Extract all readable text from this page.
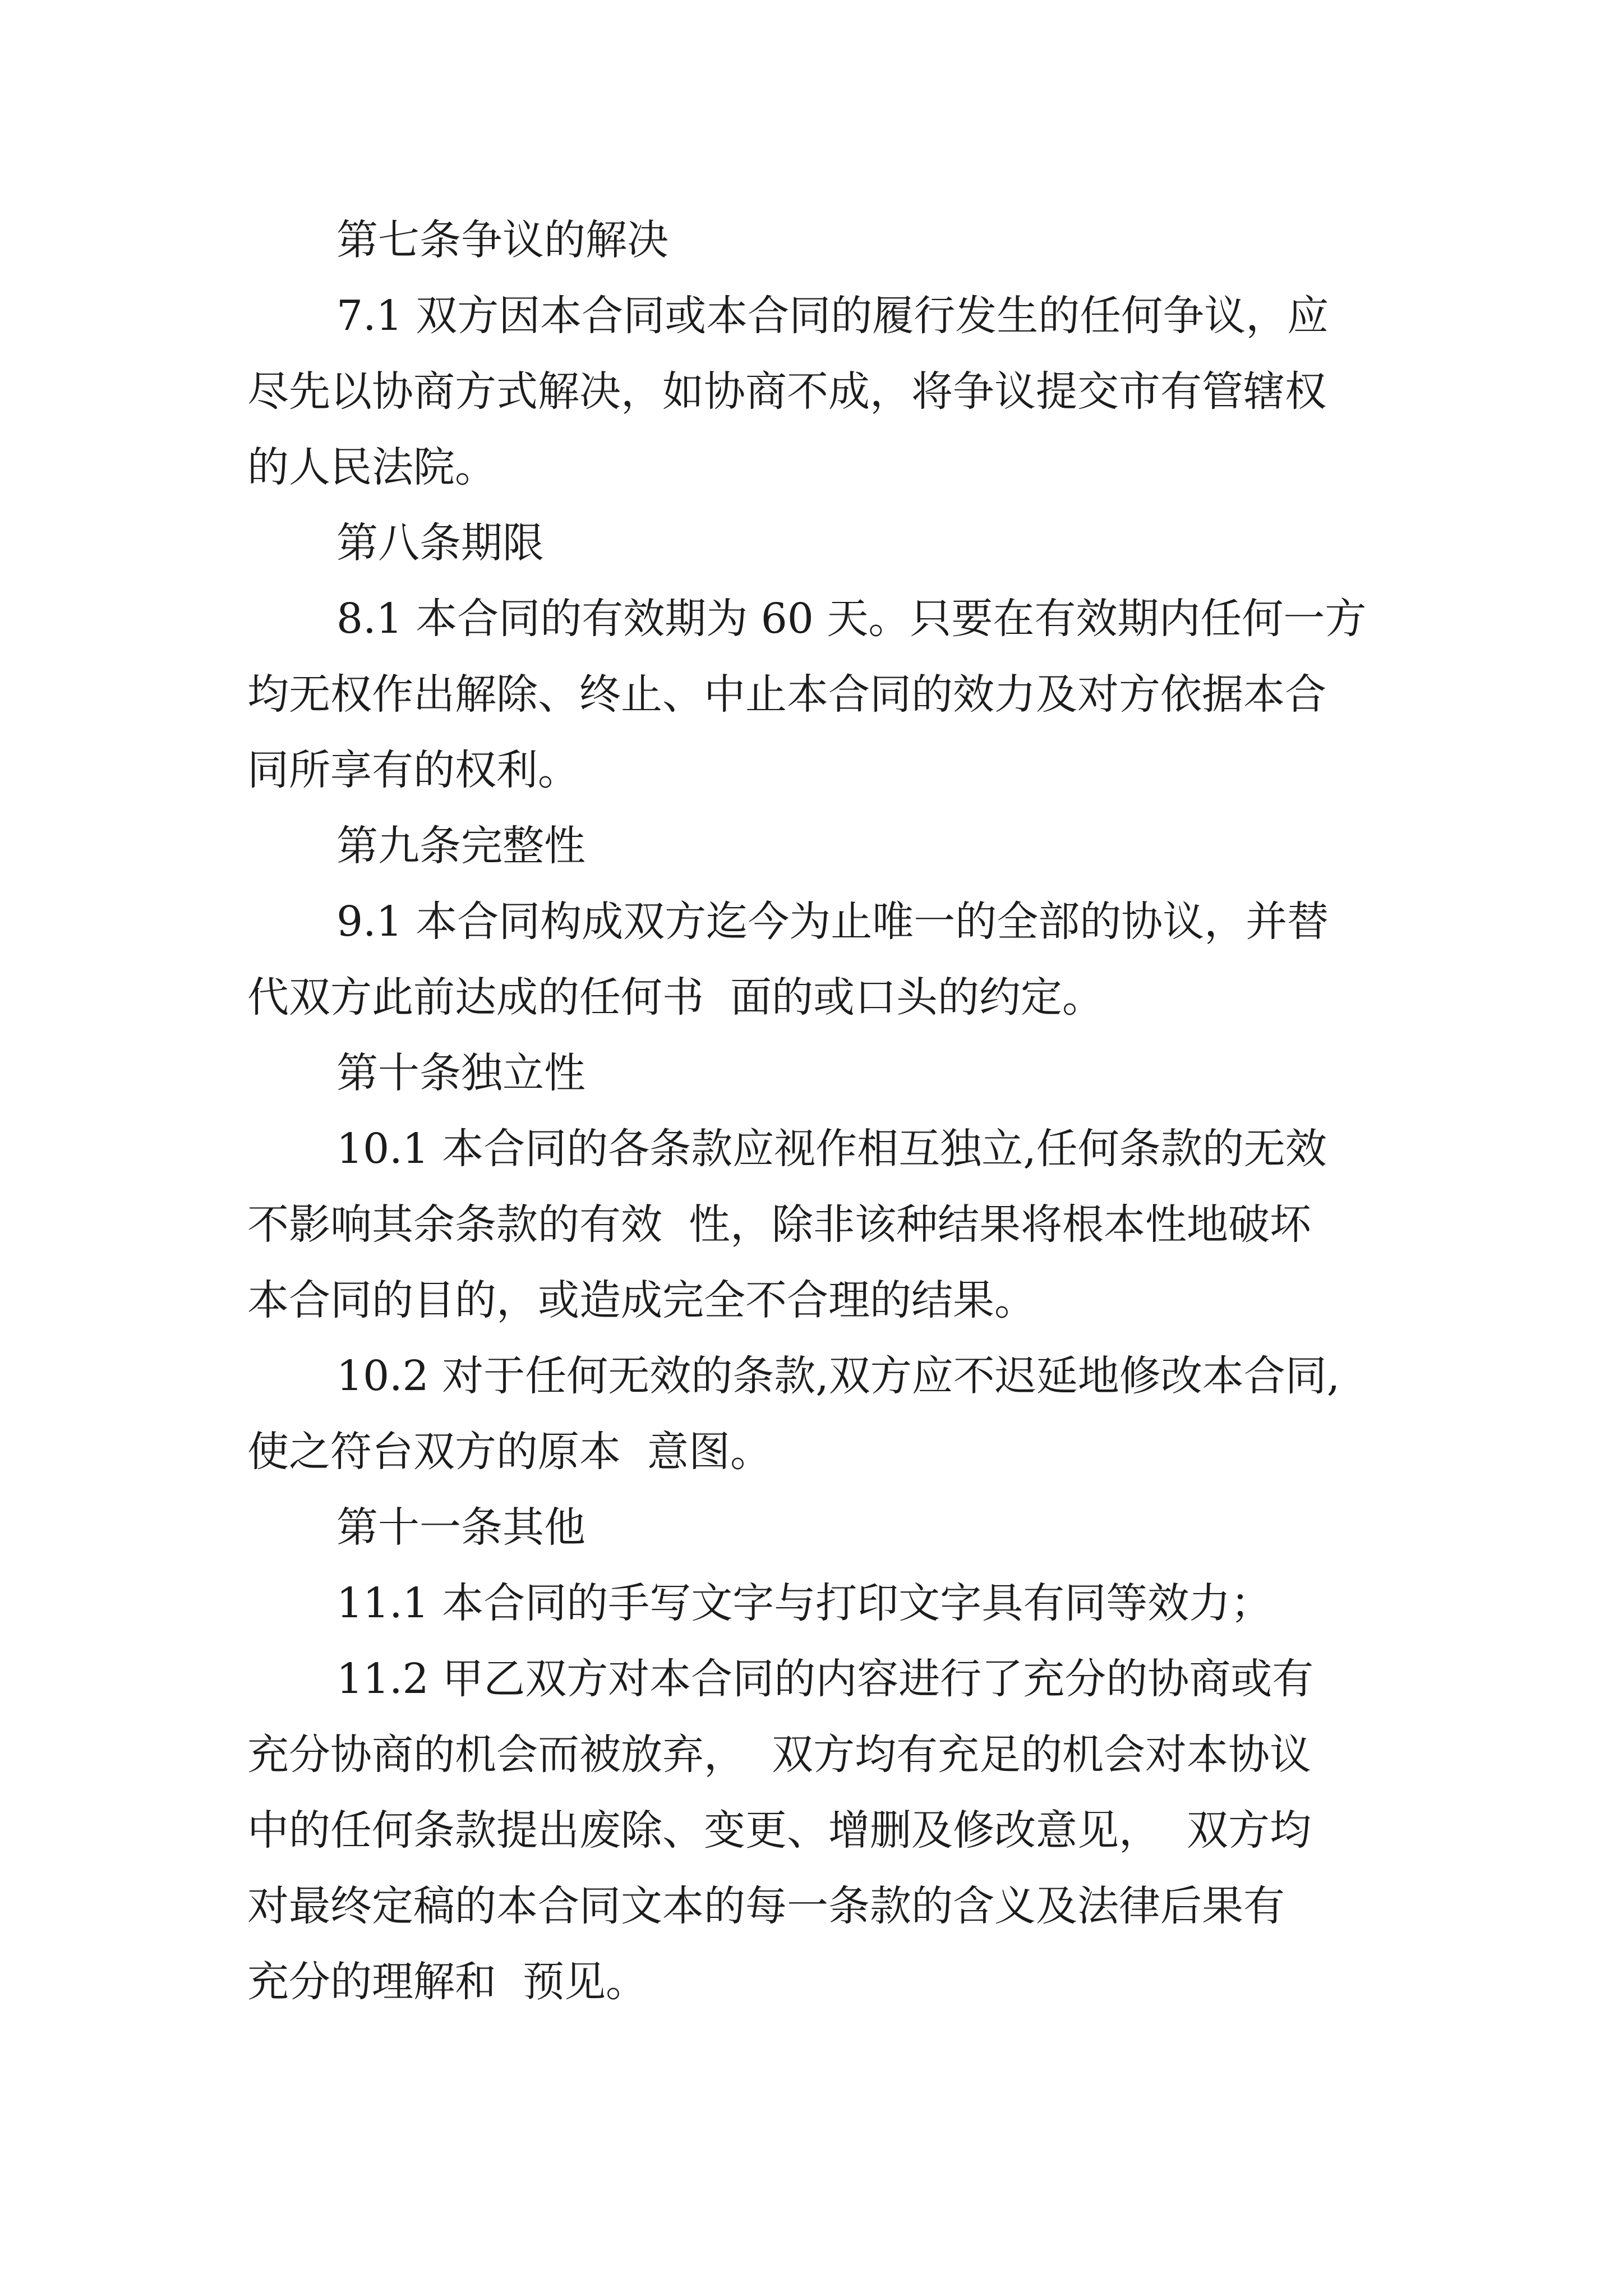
第七条争议的解决

7.1 双方因本合同或本合同的履行发生的任何争议，应

尽先以协商方式解决，如协商不成，将争议提交市有管辖权

的人民法院。

第八条期限

8.1 本合同的有效期为 60 天。只要在有效期内任何一方

均无权作出解除、终止、中止本合同的效力及对方依据本合

同所享有的权利。

第九条完整性

9.1 本合同构成双方迄今为止唯一的全部的协议，并替

代双方此前达成的任何书  面的或口头的约定。

第十条独立性

10.1 本合同的各条款应视作相互独立,任何条款的无效

不影响其余条款的有效  性，除非该种结果将根本性地破坏

本合同的目的，或造成完全不合理的结果。

10.2 对于任何无效的条款,双方应不迟延地修改本合同,

使之符台双方的原本  意图。

第十一条其他

11.1 本合同的手写文字与打印文字具有同等效力；

11.2 甲乙双方对本合同的内容进行了充分的协商或有

充分协商的机会而被放弃，  双方均有充足的机会对本协议

中的任何条款提出废除、变更、增删及修改意见，  双方均

对最终定稿的本合同文本的每一条款的含义及法律后果有

充分的理解和  预见。
